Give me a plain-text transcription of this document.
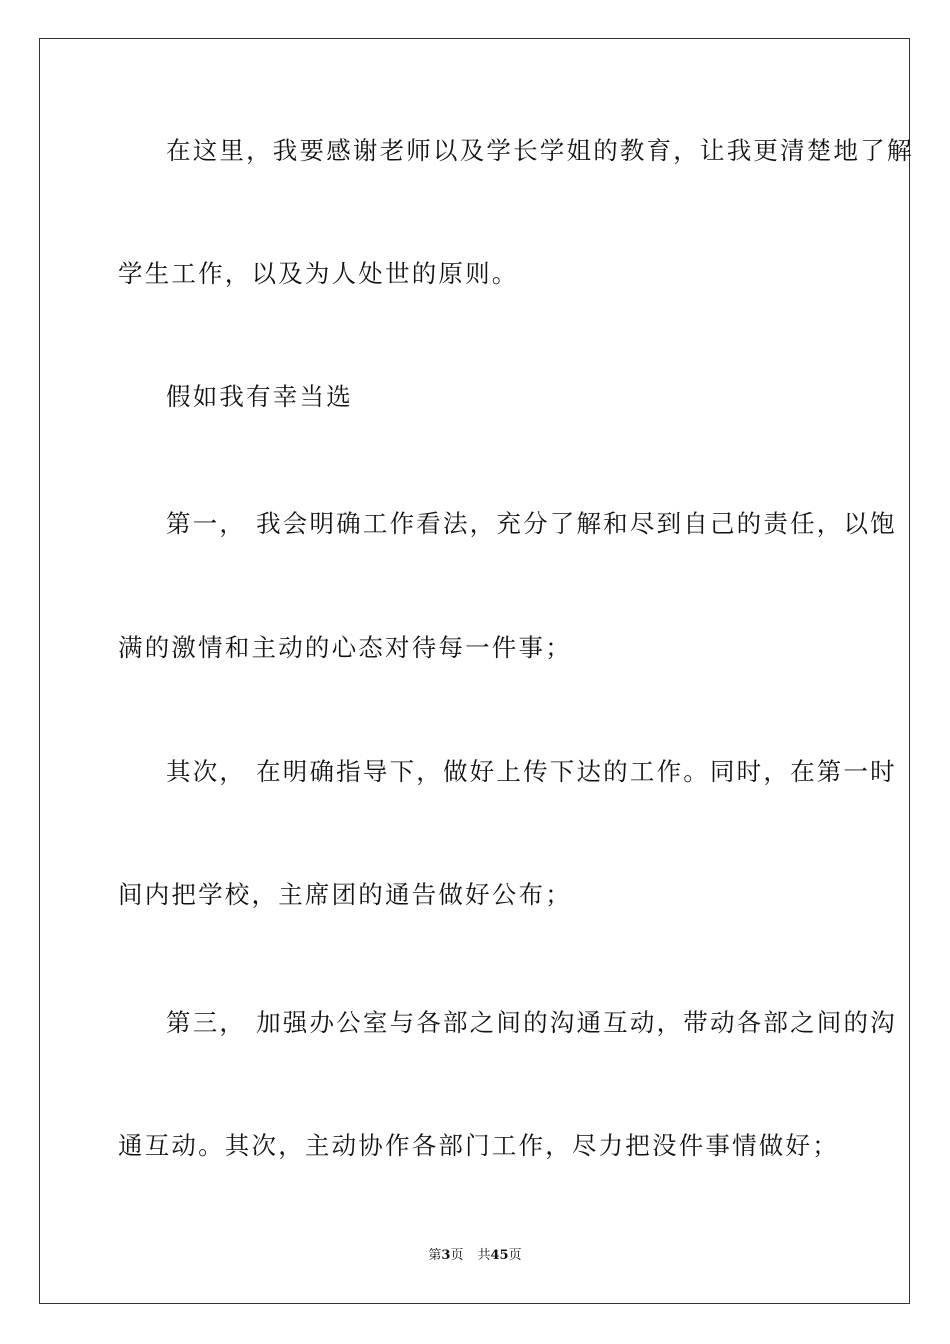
在这里，我要感谢老师以及学长学姐的教育，让我更清楚地了解
学生工作，以及为人处世的原则。
假如我有幸当选
第一， 我会明确工作看法，充分了解和尽到自己的责任，以饱
满的激情和主动的心态对待每一件事；
其次， 在明确指导下，做好上传下达的工作。同时，在第一时
间内把学校，主席团的通告做好公布；
第三， 加强办公室与各部之间的沟通互动，带动各部之间的沟
通互动。其次，主动协作各部门工作，尽力把没件事情做好；
第3页 共45页
